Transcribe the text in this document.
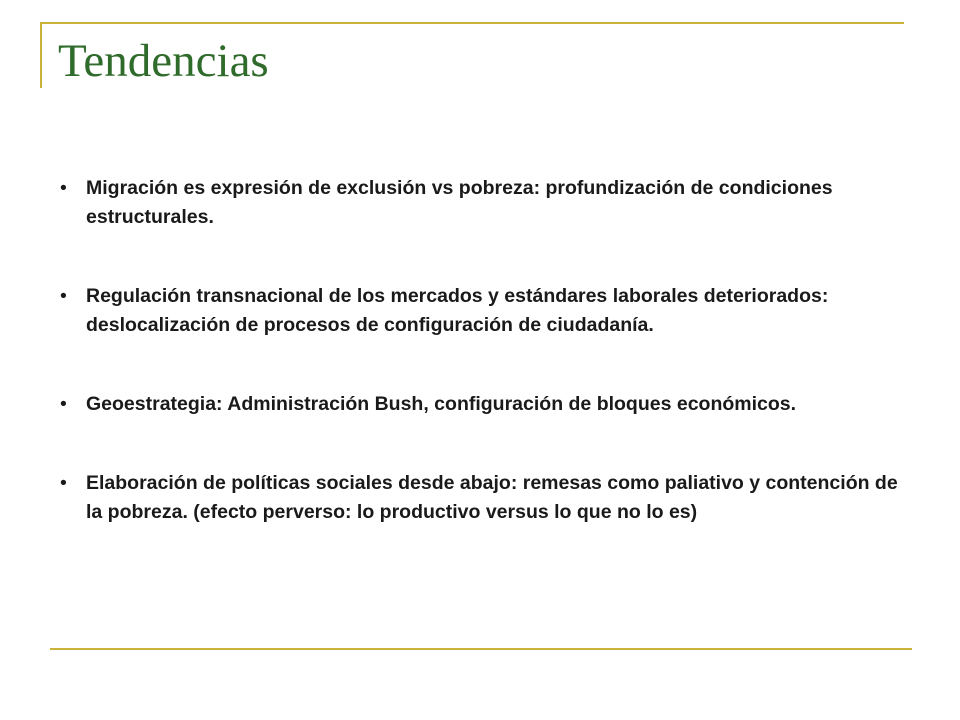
Tendencias
• Migración es expresión de exclusión vs pobreza: profundización de condiciones estructurales.
• Regulación transnacional de los mercados y estándares laborales deteriorados: deslocalización de procesos de configuración de ciudadanía.
• Geoestrategia: Administración Bush, configuración de bloques económicos.
• Elaboración de políticas sociales desde abajo: remesas como paliativo y contención de la pobreza. (efecto perverso: lo productivo versus lo que no lo es)
